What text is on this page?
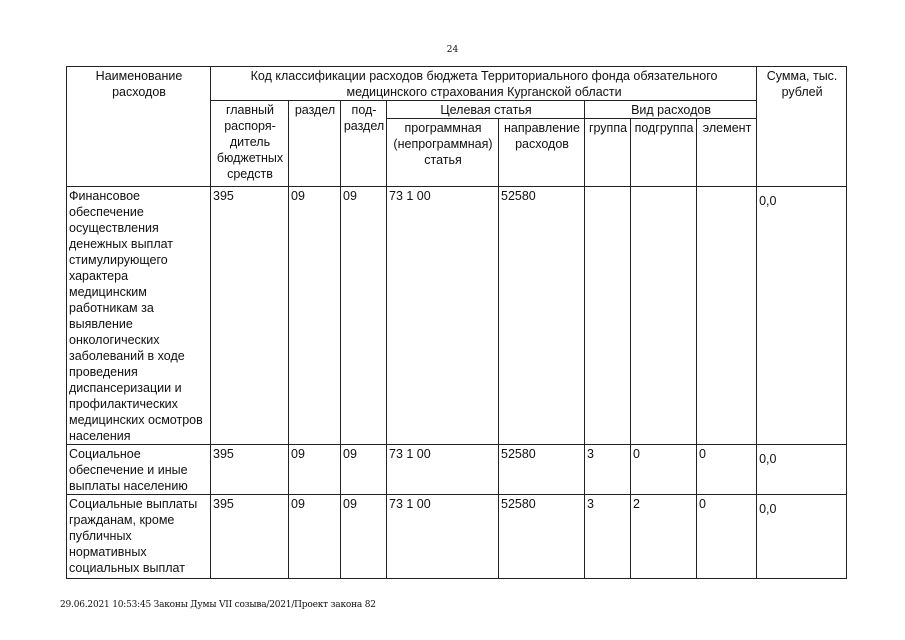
24
Наименование расходов	Код классификации расходов бюджета Территориального фонда обязательного медицинского страхования Курганской области								Сумма, тыс. рублей
	главный распоря-дитель бюджетных средств	раздел	под-раздел	Целевая статья		Вид расходов			
				программная (непрограммная) статья	направление расходов	группа	подгруппа	элемент	

Финансовое обеспечение осуществления денежных выплат стимулирующего характера медицинским работникам за выявление онкологических заболеваний в ходе проведения диспансеризации и профилактических медицинских осмотров населения	395	09	09	73 1 00	52580				0,0
Социальное обеспечение и иные выплаты населению	395	09	09	73 1 00	52580	3	0	0	0,0
Социальные выплаты гражданам, кроме публичных нормативных социальных выплат	395	09	09	73 1 00	52580	3	2	0	0,0
29.06.2021 10:53:45 Законы Думы VII созыва/2021/Проект закона 82
